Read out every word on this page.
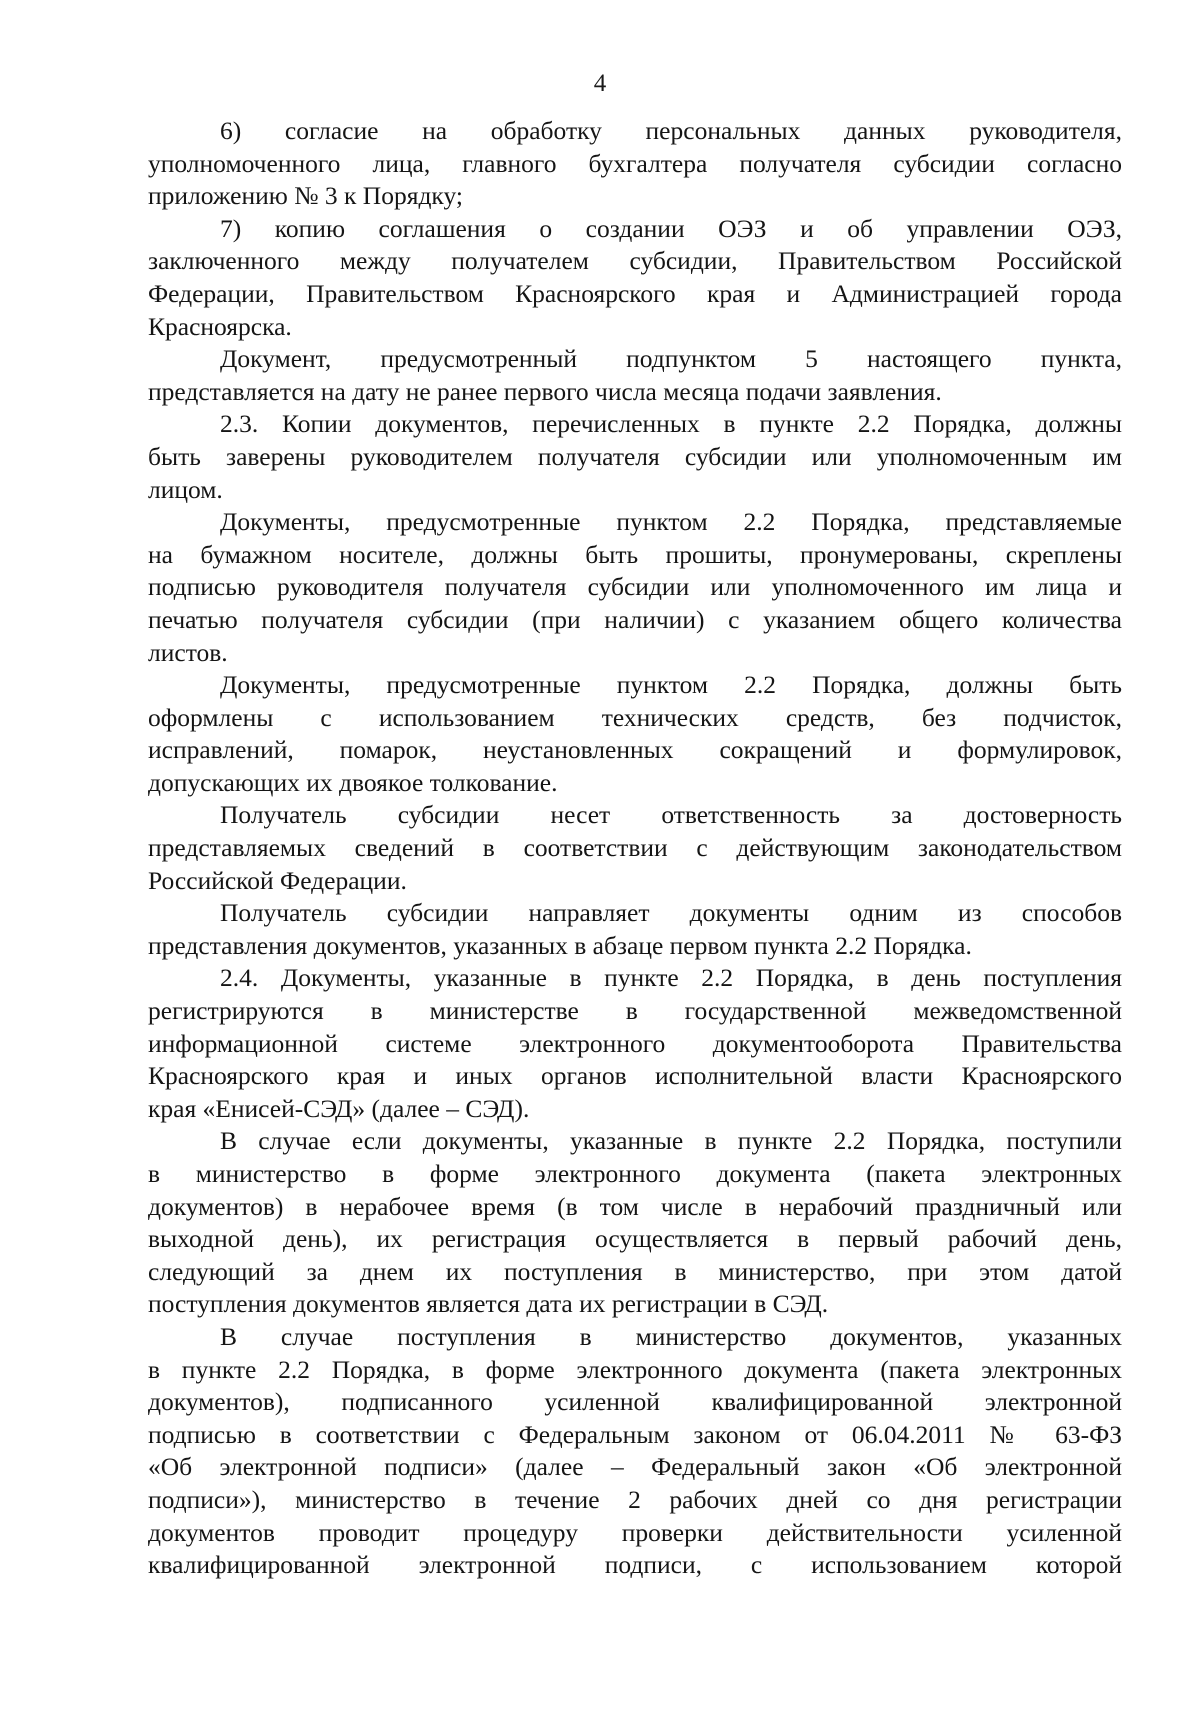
4
6) согласие на обработку персональных данных руководителя,
уполномоченного лица, главного бухгалтера получателя субсидии согласно
приложению № 3 к Порядку;
7) копию соглашения о создании ОЭЗ и об управлении ОЭЗ,
заключенного между получателем субсидии, Правительством Российской
Федерации, Правительством Красноярского края и Администрацией города
Красноярска.
Документ, предусмотренный подпунктом 5 настоящего пункта,
представляется на дату не ранее первого числа месяца подачи заявления.
2.3. Копии документов, перечисленных в пункте 2.2 Порядка, должны
быть заверены руководителем получателя субсидии или уполномоченным им
лицом.
Документы, предусмотренные пунктом 2.2 Порядка, представляемые
на бумажном носителе, должны быть прошиты, пронумерованы, скреплены
подписью руководителя получателя субсидии или уполномоченного им лица и
печатью получателя субсидии (при наличии) с указанием общего количества
листов.
Документы, предусмотренные пунктом 2.2 Порядка, должны быть
оформлены с использованием технических средств, без подчисток,
исправлений, помарок, неустановленных сокращений и формулировок,
допускающих их двоякое толкование.
Получатель субсидии несет ответственность за достоверность
представляемых сведений в соответствии с действующим законодательством
Российской Федерации.
Получатель субсидии направляет документы одним из способов
представления документов, указанных в абзаце первом пункта 2.2 Порядка.
2.4. Документы, указанные в пункте 2.2 Порядка, в день поступления
регистрируются в министерстве в государственной межведомственной
информационной системе электронного документооборота Правительства
Красноярского края и иных органов исполнительной власти Красноярского
края «Енисей-СЭД» (далее – СЭД).
В случае если документы, указанные в пункте 2.2 Порядка, поступили
в министерство в форме электронного документа (пакета электронных
документов) в нерабочее время (в том числе в нерабочий праздничный или
выходной день), их регистрация осуществляется в первый рабочий день,
следующий за днем их поступления в министерство, при этом датой
поступления документов является дата их регистрации в СЭД.
В случае поступления в министерство документов, указанных
в пункте 2.2 Порядка, в форме электронного документа (пакета электронных
документов), подписанного усиленной квалифицированной электронной
подписью в соответствии с Федеральным законом от 06.04.2011 № 63-ФЗ
«Об электронной подписи» (далее – Федеральный закон «Об электронной
подписи»), министерство в течение 2 рабочих дней со дня регистрации
документов проводит процедуру проверки действительности усиленной
квалифицированной электронной подписи, с использованием которой
